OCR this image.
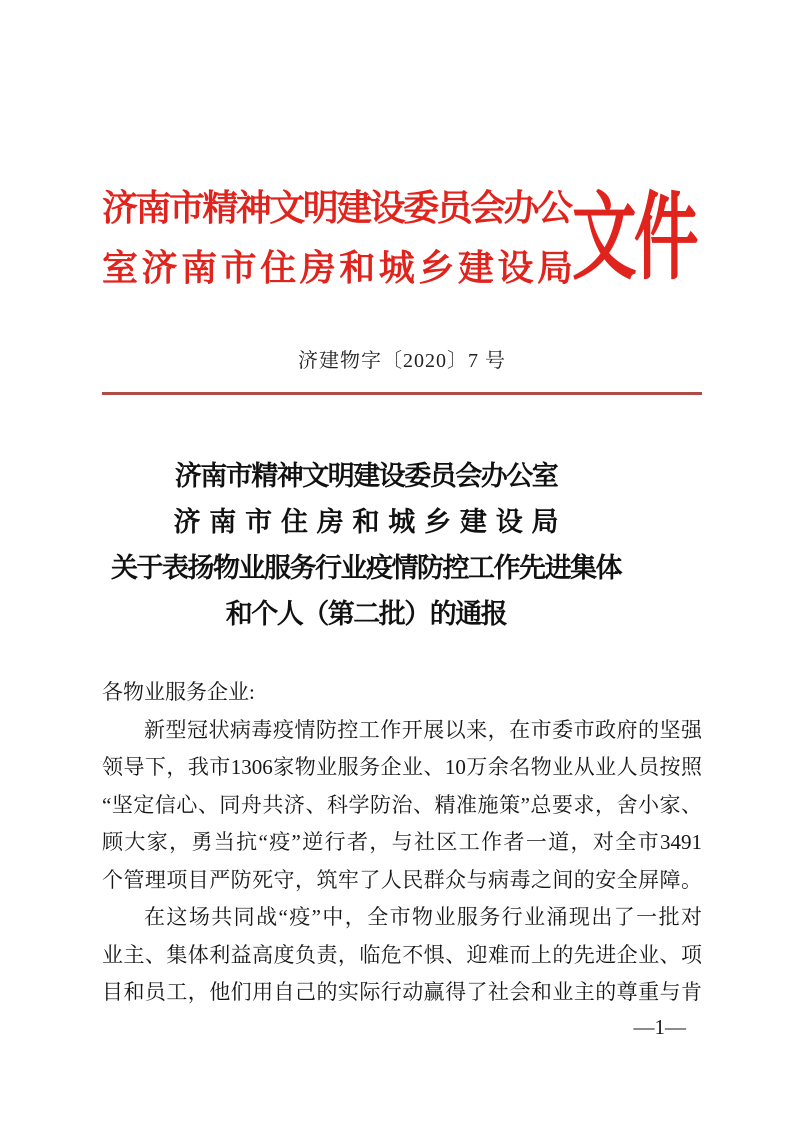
济南市精神文明建设委员会办公
室济南市住房和城乡建设局 文件
济建物字〔2020〕7 号
济南市精神文明建设委员会办公室
济南市住房和城乡建设局
关于表扬物业服务行业疫情防控工作先进集体
和个人（第二批）的通报

各物业服务企业:

新型冠状病毒疫情防控工作开展以来，在市委市政府的坚强
领导下，我市1306家物业服务企业、10万余名物业从业人员按照
“坚定信心、同舟共济、科学防治、精准施策”总要求，舍小家、
顾大家，勇当抗“疫”逆行者，与社区工作者一道，对全市3491
个管理项目严防死守，筑牢了人民群众与病毒之间的安全屏障。
在这场共同战“疫”中，全市物业服务行业涌现出了一批对
业主、集体利益高度负责，临危不惧、迎难而上的先进企业、项
目和员工，他们用自己的实际行动赢得了社会和业主的尊重与肯
—1—
